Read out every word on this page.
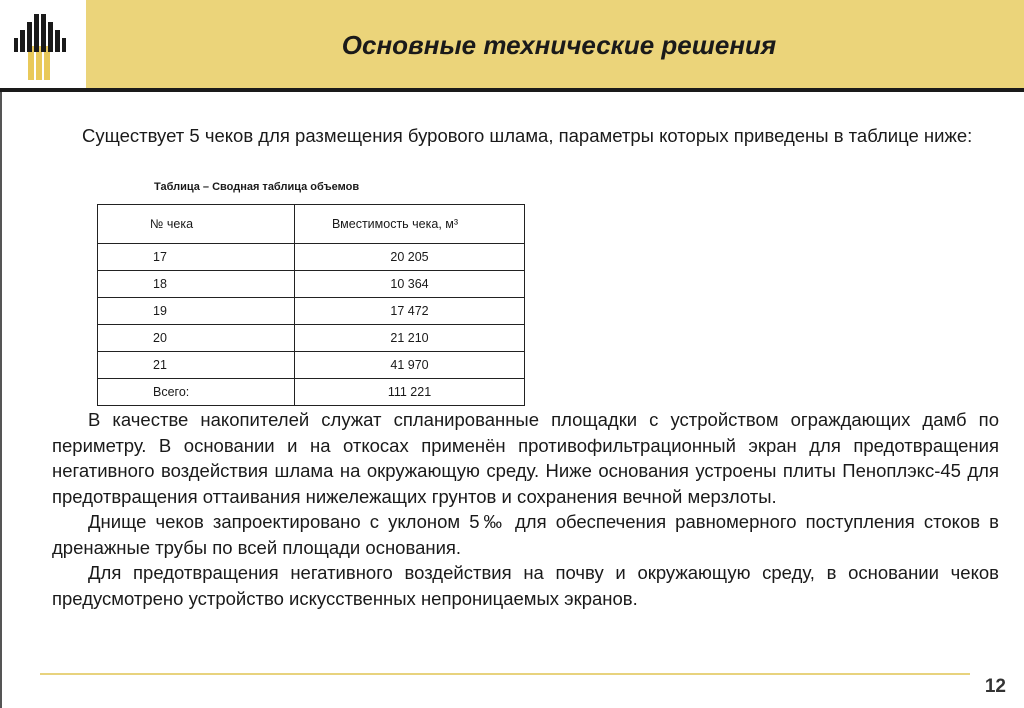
Основные технические решения
Существует 5 чеков для размещения бурового шлама, параметры которых приведены в таблице ниже:
Таблица – Сводная таблица объемов
№ чека	Вместимость чека, м³
17	20 205
18	10 364
19	17 472
20	21 210
21	41 970
Всего:	111 221

В качестве накопителей служат спланированные площадки с устройством ограждающих дамб по периметру. В основании и на откосах применён противофильтрационный экран для предотвращения негативного воздействия шлама на окружающую среду. Ниже основания устроены плиты Пеноплэкс-45 для предотвращения оттаивания нижележащих грунтов и сохранения вечной мерзлоты.

Днище чеков запроектировано с уклоном 5‰ для обеспечения равномерного поступления стоков в дренажные трубы по всей площади основания.

Для предотвращения негативного воздействия на почву и окружающую среду, в основании чеков предусмотрено устройство искусственных непроницаемых экранов.

12
